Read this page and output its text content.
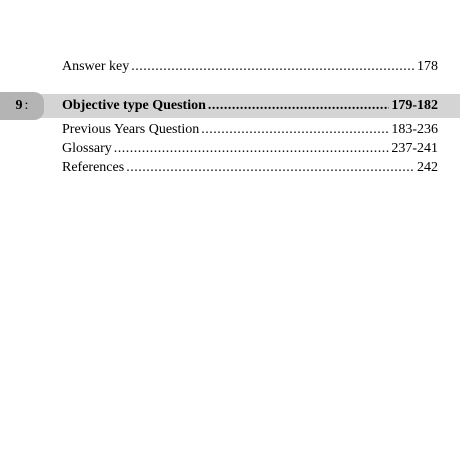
Answer key .....	178
9 : Objective type Question .....	179-182
Previous Years Question .....	183-236
Glossary .....	237-241
References .....	242
